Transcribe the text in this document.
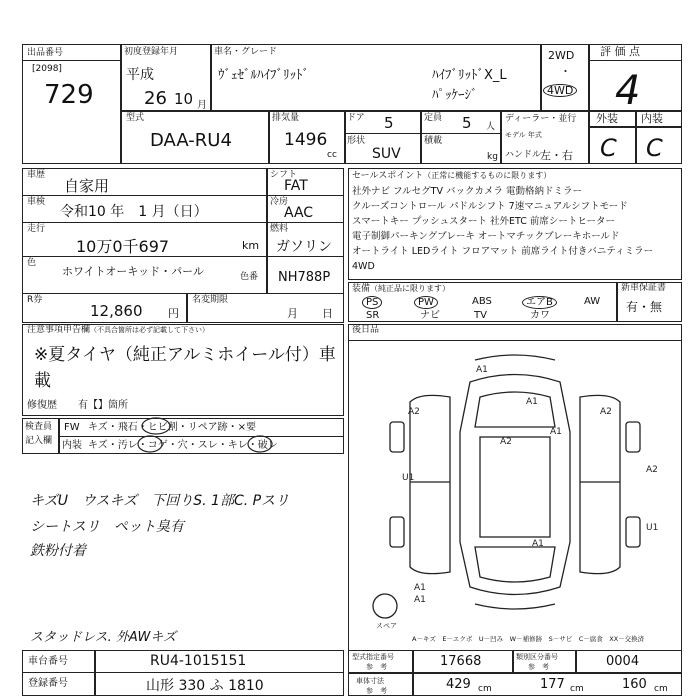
出品番号
[2098]
729
初度登録年月
平成
26 10 月
車名・グレード
ｳﾞｪｾﾞﾙﾊｲﾌﾞﾘｯﾄﾞ	ﾊｲﾌﾞﾘｯﾄﾞX_L
ﾊﾟｯｹｰｼﾞ
2WD
・
4WD
評 価 点
4
外装 内装
C C
型式
DAA-RU4
排気量
1496
cc
ドア 5	定員 5 人
形状
SUV
積載
kg
ディーラー・並行
モデル 年式
ハンドル
左・右
車歴
自家用
シフト
FAT
車検
令和10 年　1 月（日）
冷房
AAC
走行
10万0千697	km
燃料
ガソリン
色
ホワイトオーキッド・パール	色番 NH788P
R券
12,860 円
名変期限
月 日
セールスポイント（正常に機能するものに限ります）
社外ナビ フルセグTV バックカメラ 電動格納ドミラー
クルーズコントロール パドルシフト 7速マニュアルシフトモード
スマートキー プッシュスタート 社外ETC 前席シートヒーター
電子制御パーキングブレーキ オートマチックブレーキホールド
オートライト LEDライト フロアマット 前席ライト付きバニティミラー
4WD
装備（純正品に限ります）
PS	PW	ABS	エアB	AW
SR	ナビ	TV	カワ
新車保証書
有・無
注意事項申告欄（不具合箇所は必ず記載して下さい）
※夏タイヤ（純正アルミホイール付）車
載
修復歴 有【】箇所
後日品
検査員
記入欄
FW キズ・飛石・ヒビ割・リペア跡・×要
内装 キズ・汚レ・コゲ・穴・スレ・キレ・破レ
キズU　ウスキズ　下回りS. 1部C. Pスリ
シートスリ　ペット臭有
鉄粉付着
スタッドレス. 外AWキズ
A1
A1
A2
A2
A2
A1
A1
U1
A2
U1
A1
A1
スペア
A－キズ　E－エクボ　U－凹み　W－補修跡　S－サビ　C－腐食　XX－交換済
車台番号	RU4-1015151
登録番号	山形 330 ふ 1810
型式指定番号
参　考	17668	類別区分番号
参　考	0004
車体寸法
参　考	429 cm	177 cm	160 cm
